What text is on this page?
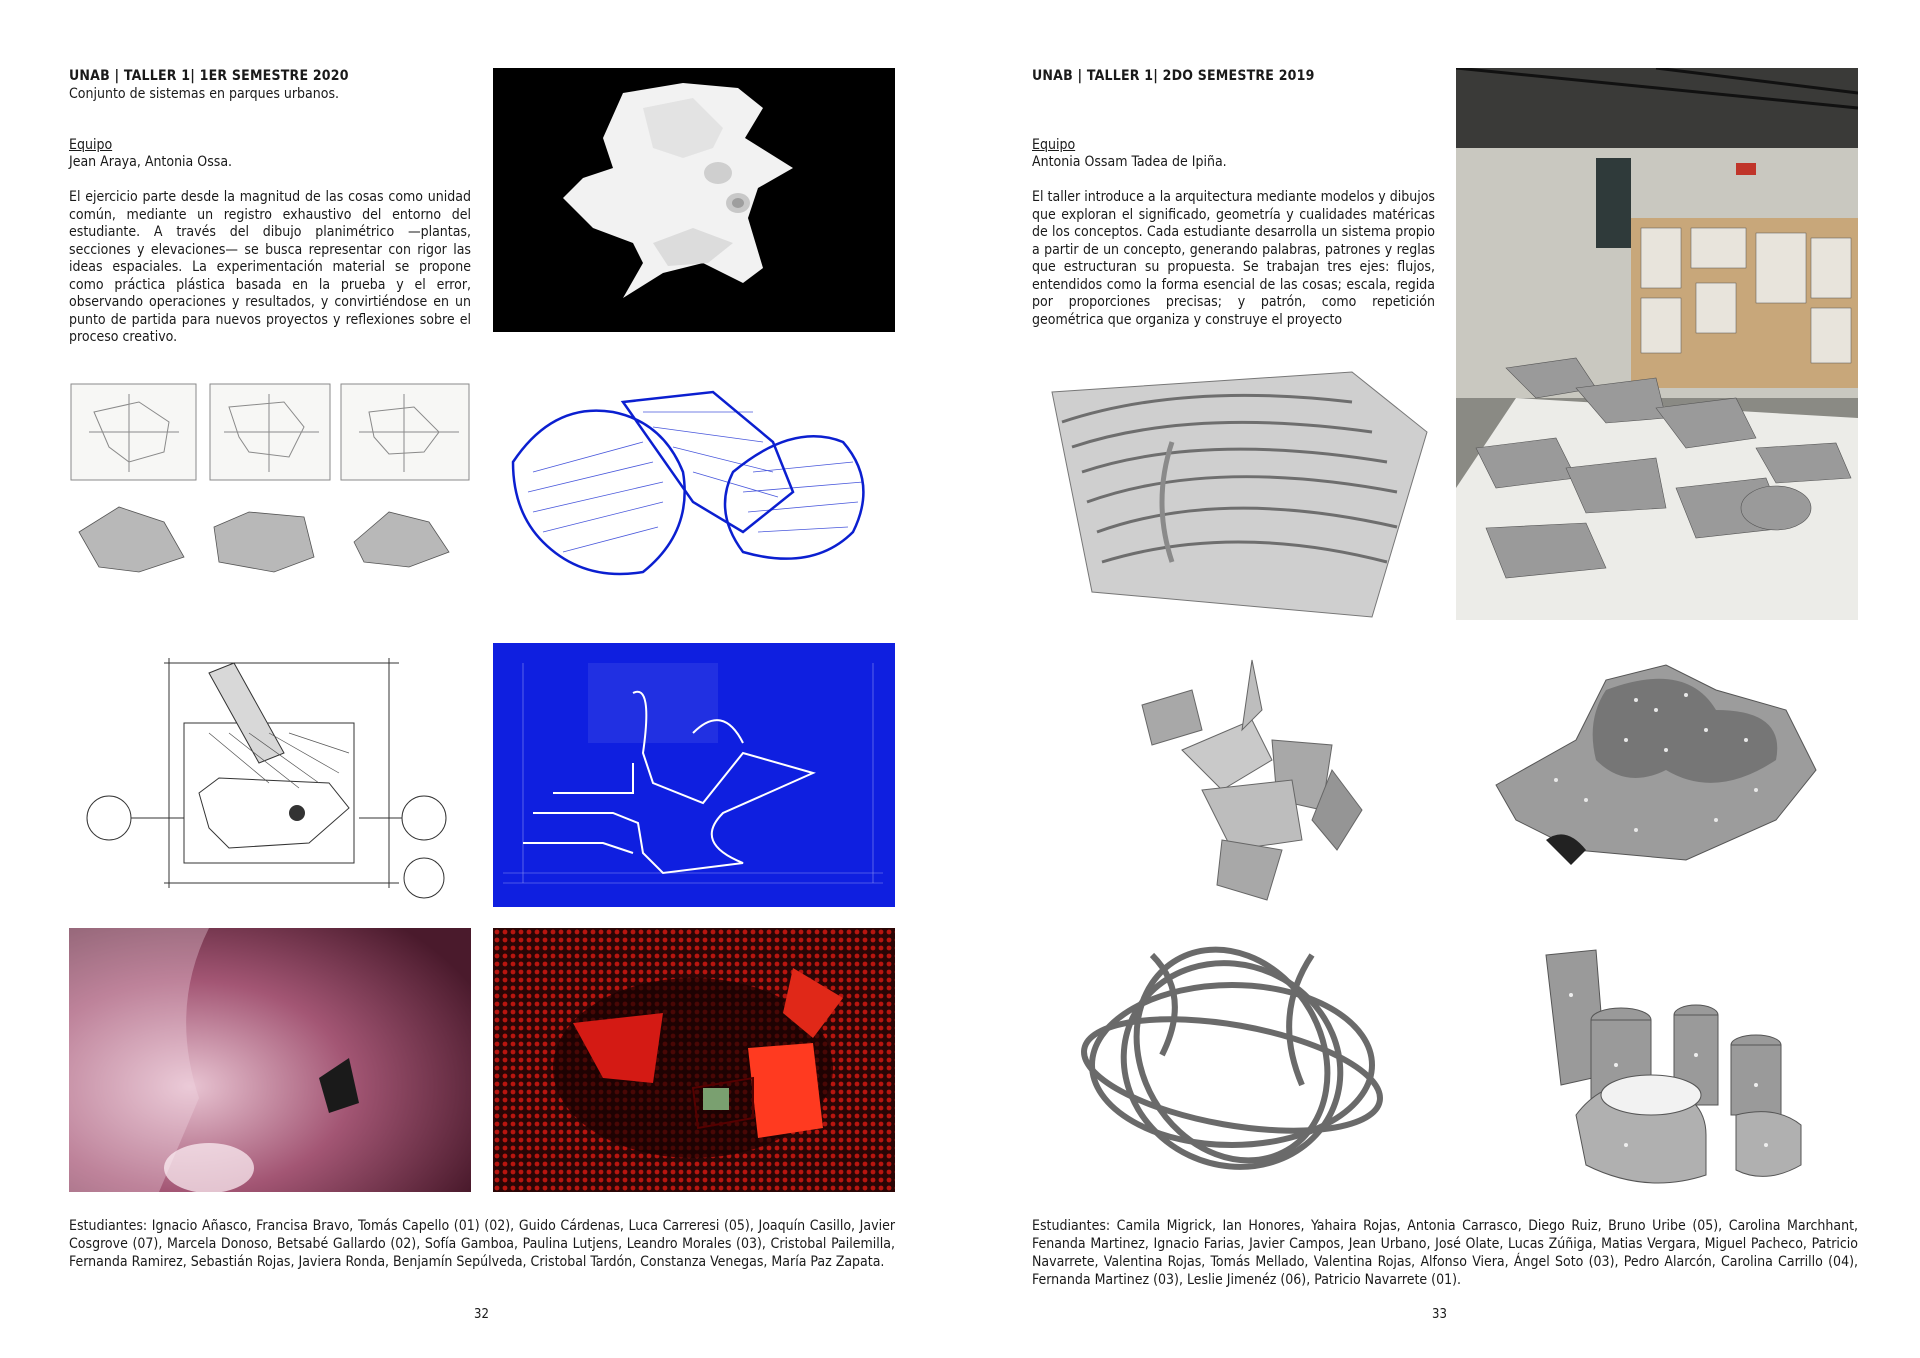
UNAB | TALLER 1| 1ER SEMESTRE 2020
Conjunto de sistemas en parques urbanos.
Equipo
Jean Araya, Antonia Ossa.
El ejercicio parte desde la magnitud de las cosas como unidad común, mediante un registro exhaustivo del entorno del estudiante. A través del dibujo planimétrico —plantas, secciones y elevaciones— se busca representar con rigor las ideas espaciales. La experimentación material se propone como práctica plástica basada en la prueba y el error, observando operaciones y resultados, y convirtiéndose en un punto de partida para nuevos proyectos y reflexiones sobre el proceso creativo.
Estudiantes: Ignacio Añasco, Francisa Bravo, Tomás Capello (01) (02), Guido Cárdenas, Luca Carreresi (05), Joaquín Casillo, Javier Cosgrove (07), Marcela Donoso, Betsabé Gallardo (02), Sofía Gamboa, Paulina Lutjens, Leandro Morales (03), Cristobal Pailemilla, Fernanda Ramirez, Sebastián Rojas, Javiera Ronda, Benjamín Sepúlveda, Cristobal Tardón, Constanza Venegas, María Paz Zapata.
32
UNAB | TALLER 1| 2DO SEMESTRE 2019
Equipo
Antonia Ossam Tadea de Ipiña.
El taller introduce a la arquitectura mediante modelos y dibujos que exploran el significado, geometría y cualidades matéricas de los conceptos. Cada estudiante desarrolla un sistema propio a partir de un concepto, generando palabras, patrones y reglas que estructuran su propuesta. Se trabajan tres ejes: flujos, entendidos como la forma esencial de las cosas; escala, regida por proporciones precisas; y patrón, como repetición geométrica que organiza y construye el proyecto
Estudiantes: Camila Migrick, Ian Honores, Yahaira Rojas, Antonia Carrasco, Diego Ruiz, Bruno Uribe (05), Carolina Marchhant, Fenanda Martinez, Ignacio Farias, Javier Campos, Jean Urbano, José Olate, Lucas Zúñiga, Matias Vergara, Miguel Pacheco, Patricio Navarrete, Valentina Rojas, Tomás Mellado, Valentina Rojas, Alfonso Viera, Ángel Soto (03), Pedro Alarcón, Carolina Carrillo (04), Fernanda Martinez (03), Leslie Jimenéz (06), Patricio Navarrete (01).
33
